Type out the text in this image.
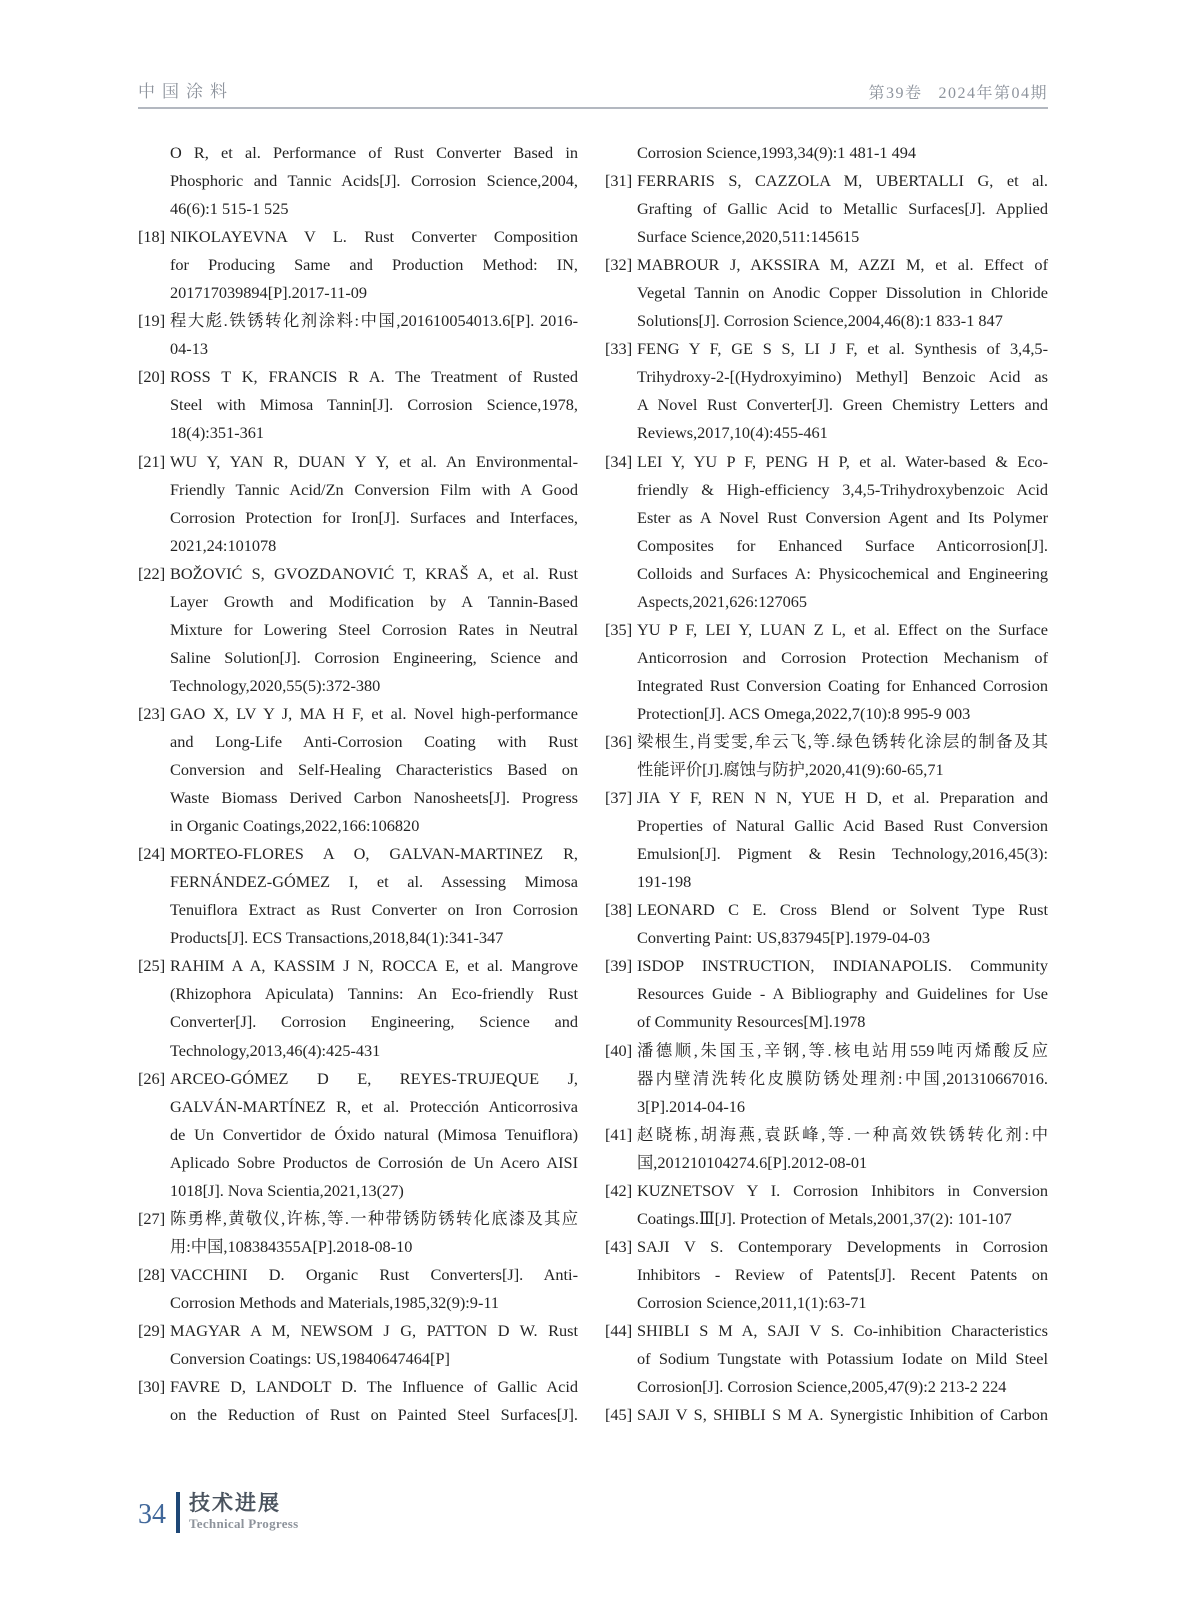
中国涂料	第39卷 2024年第04期
O R, et al. Performance of Rust Converter Based in
Phosphoric and Tannic Acids[J]. Corrosion Science,2004,
46(6):1 515-1 525
[18] NIKOLAYEVNA V L. Rust Converter Composition
for Producing Same and Production Method: IN,
201717039894[P].2017-11-09
[19] 程大彪.铁锈转化剂涂料:中国,201610054013.6[P]. 2016-
04-13
[20] ROSS T K, FRANCIS R A. The Treatment of Rusted
Steel with Mimosa Tannin[J]. Corrosion Science,1978,
18(4):351-361
[21] WU Y, YAN R, DUAN Y Y, et al. An Environmental-
Friendly Tannic Acid/Zn Conversion Film with A Good
Corrosion Protection for Iron[J]. Surfaces and Interfaces,
2021,24:101078
[22] BOŽOVIĆ S, GVOZDANOVIĆ T, KRAŠ A, et al. Rust
Layer Growth and Modification by A Tannin-Based
Mixture for Lowering Steel Corrosion Rates in Neutral
Saline Solution[J]. Corrosion Engineering, Science and
Technology,2020,55(5):372-380
[23] GAO X, LV Y J, MA H F, et al. Novel high-performance
and Long-Life Anti-Corrosion Coating with Rust
Conversion and Self-Healing Characteristics Based on
Waste Biomass Derived Carbon Nanosheets[J]. Progress
in Organic Coatings,2022,166:106820
[24] MORTEO-FLORES A O, GALVAN-MARTINEZ R,
FERNÁNDEZ-GÓMEZ I, et al. Assessing Mimosa
Tenuiflora Extract as Rust Converter on Iron Corrosion
Products[J]. ECS Transactions,2018,84(1):341-347
[25] RAHIM A A, KASSIM J N, ROCCA E, et al. Mangrove
(Rhizophora Apiculata) Tannins: An Eco-friendly Rust
Converter[J]. Corrosion Engineering, Science and
Technology,2013,46(4):425-431
[26] ARCEO-GÓMEZ D E, REYES-TRUJEQUE J,
GALVÁN-MARTÍNEZ R, et al. Protección Anticorrosiva
de Un Convertidor de Óxido natural (Mimosa Tenuiflora)
Aplicado Sobre Productos de Corrosión de Un Acero AISI
1018[J]. Nova Scientia,2021,13(27)
[27] 陈勇桦,黄敬仪,许栋,等.一种带锈防锈转化底漆及其应
用:中国,108384355A[P].2018-08-10
[28] VACCHINI D. Organic Rust Converters[J]. Anti-
Corrosion Methods and Materials,1985,32(9):9-11
[29] MAGYAR A M, NEWSOM J G, PATTON D W. Rust
Conversion Coatings: US,19840647464[P]
[30] FAVRE D, LANDOLT D. The Influence of Gallic Acid
on the Reduction of Rust on Painted Steel Surfaces[J].
Corrosion Science,1993,34(9):1 481-1 494
[31] FERRARIS S, CAZZOLA M, UBERTALLI G, et al.
Grafting of Gallic Acid to Metallic Surfaces[J]. Applied
Surface Science,2020,511:145615
[32] MABROUR J, AKSSIRA M, AZZI M, et al. Effect of
Vegetal Tannin on Anodic Copper Dissolution in Chloride
Solutions[J]. Corrosion Science,2004,46(8):1 833-1 847
[33] FENG Y F, GE S S, LI J F, et al. Synthesis of 3,4,5-
Trihydroxy-2-[(Hydroxyimino) Methyl] Benzoic Acid as
A Novel Rust Converter[J]. Green Chemistry Letters and
Reviews,2017,10(4):455-461
[34] LEI Y, YU P F, PENG H P, et al. Water-based & Eco-
friendly & High-efficiency 3,4,5-Trihydroxybenzoic Acid
Ester as A Novel Rust Conversion Agent and Its Polymer
Composites for Enhanced Surface Anticorrosion[J].
Colloids and Surfaces A: Physicochemical and Engineering
Aspects,2021,626:127065
[35] YU P F, LEI Y, LUAN Z L, et al. Effect on the Surface
Anticorrosion and Corrosion Protection Mechanism of
Integrated Rust Conversion Coating for Enhanced Corrosion
Protection[J]. ACS Omega,2022,7(10):8 995-9 003
[36] 梁根生,肖雯雯,牟云飞,等.绿色锈转化涂层的制备及其
性能评价[J].腐蚀与防护,2020,41(9):60-65,71
[37] JIA Y F, REN N N, YUE H D, et al. Preparation and
Properties of Natural Gallic Acid Based Rust Conversion
Emulsion[J]. Pigment & Resin Technology,2016,45(3):
191-198
[38] LEONARD C E. Cross Blend or Solvent Type Rust
Converting Paint: US,837945[P].1979-04-03
[39] ISDOP INSTRUCTION, INDIANAPOLIS. Community
Resources Guide - A Bibliography and Guidelines for Use
of Community Resources[M].1978
[40] 潘德顺,朱国玉,辛钢,等.核电站用559吨丙烯酸反应
器内壁清洗转化皮膜防锈处理剂:中国,201310667016.
3[P].2014-04-16
[41] 赵晓栋,胡海燕,袁跃峰,等.一种高效铁锈转化剂:中
国,201210104274.6[P].2012-08-01
[42] KUZNETSOV Y I. Corrosion Inhibitors in Conversion
Coatings.Ⅲ[J]. Protection of Metals,2001,37(2): 101-107
[43] SAJI V S. Contemporary Developments in Corrosion
Inhibitors - Review of Patents[J]. Recent Patents on
Corrosion Science,2011,1(1):63-71
[44] SHIBLI S M A, SAJI V S. Co-inhibition Characteristics
of Sodium Tungstate with Potassium Iodate on Mild Steel
Corrosion[J]. Corrosion Science,2005,47(9):2 213-2 224
[45] SAJI V S, SHIBLI S M A. Synergistic Inhibition of Carbon
34 技术进展
Technical Progress
